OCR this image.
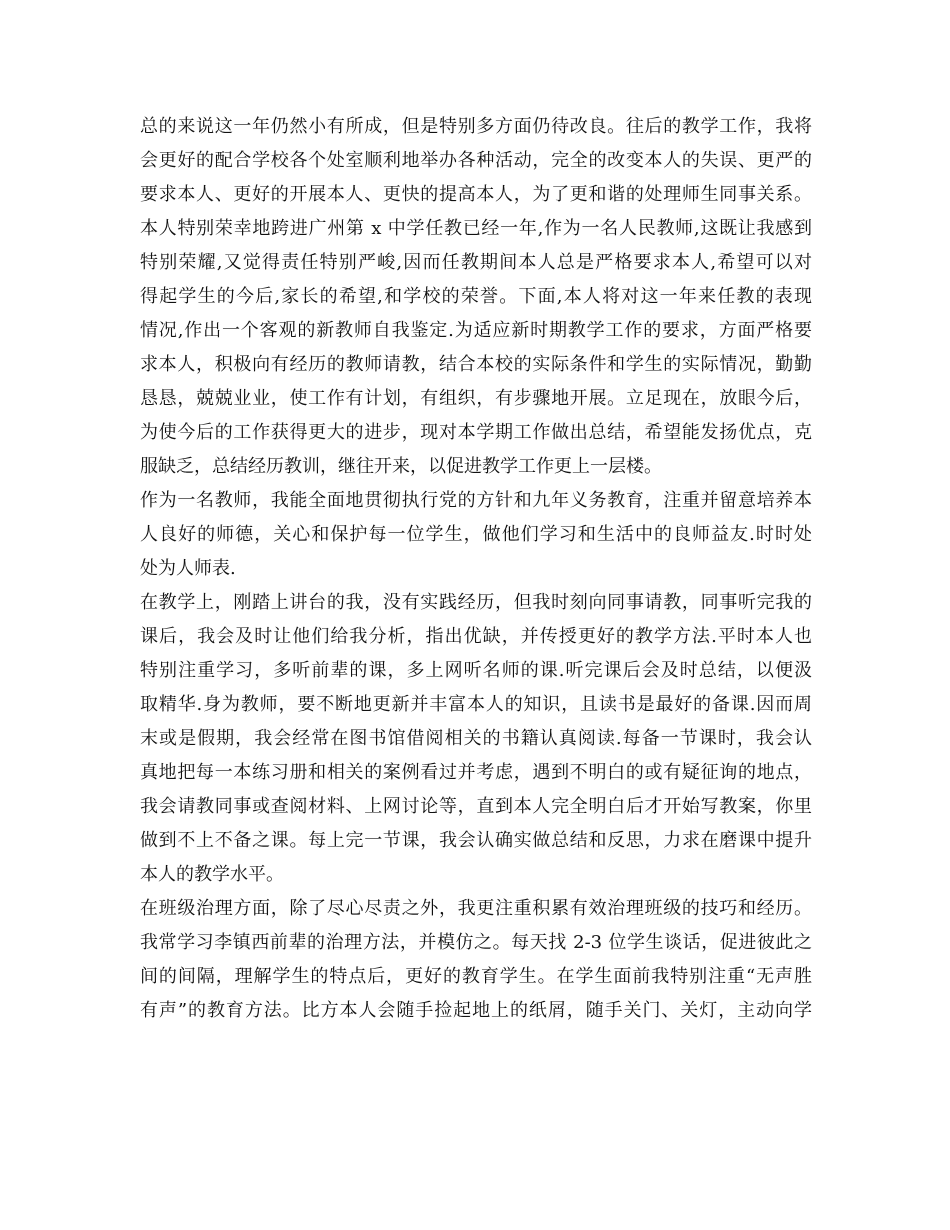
总的来说这一年仍然小有所成，但是特别多方面仍待改良。往后的教学工作，我将
会更好的配合学校各个处室顺利地举办各种活动，完全的改变本人的失误、更严的
要求本人、更好的开展本人、更快的提高本人，为了更和谐的处理师生同事关系。
本人特别荣幸地跨进广州第 x 中学任教已经一年,作为一名人民教师,这既让我感到
特别荣耀,又觉得责任特别严峻,因而任教期间本人总是严格要求本人,希望可以对
得起学生的今后,家长的希望,和学校的荣誉。下面,本人将对这一年来任教的表现
情况,作出一个客观的新教师自我鉴定.为适应新时期教学工作的要求，方面严格要
求本人，积极向有经历的教师请教，结合本校的实际条件和学生的实际情况，勤勤
恳恳，兢兢业业，使工作有计划，有组织，有步骤地开展。立足现在，放眼今后，
为使今后的工作获得更大的进步，现对本学期工作做出总结，希望能发扬优点，克
服缺乏，总结经历教训，继往开来，以促进教学工作更上一层楼。
作为一名教师，我能全面地贯彻执行党的方针和九年义务教育，注重并留意培养本
人良好的师德，关心和保护每一位学生，做他们学习和生活中的良师益友.时时处
处为人师表.
在教学上，刚踏上讲台的我，没有实践经历，但我时刻向同事请教，同事听完我的
课后，我会及时让他们给我分析，指出优缺，并传授更好的教学方法.平时本人也
特别注重学习，多听前辈的课，多上网听名师的课.听完课后会及时总结，以便汲
取精华.身为教师，要不断地更新并丰富本人的知识，且读书是最好的备课.因而周
末或是假期，我会经常在图书馆借阅相关的书籍认真阅读.每备一节课时，我会认
真地把每一本练习册和相关的案例看过并考虑，遇到不明白的或有疑征询的地点，
我会请教同事或查阅材料、上网讨论等，直到本人完全明白后才开始写教案，你里
做到不上不备之课。每上完一节课，我会认确实做总结和反思，力求在磨课中提升
本人的教学水平。
在班级治理方面，除了尽心尽责之外，我更注重积累有效治理班级的技巧和经历。
我常学习李镇西前辈的治理方法，并模仿之。每天找 2-3 位学生谈话，促进彼此之
间的间隔，理解学生的特点后，更好的教育学生。在学生面前我特别注重“无声胜
有声”的教育方法。比方本人会随手捡起地上的纸屑，随手关门、关灯，主动向学
